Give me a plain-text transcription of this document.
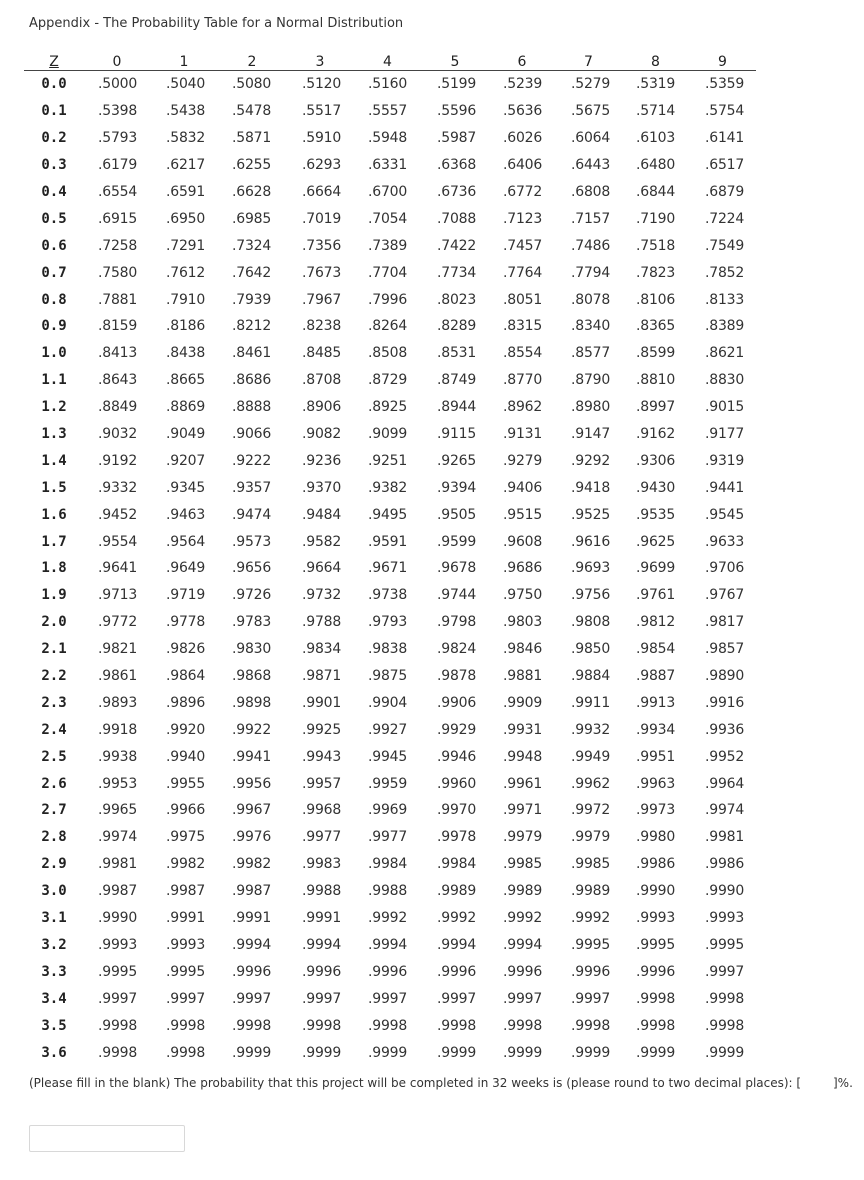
Appendix - The Probability Table for a Normal Distribution
Z	0	1	2	3	4	5	6	7	8	9
0.0	.5000	.5040	.5080	.5120	.5160	.5199	.5239	.5279	.5319	.5359
0.1	.5398	.5438	.5478	.5517	.5557	.5596	.5636	.5675	.5714	.5754
0.2	.5793	.5832	.5871	.5910	.5948	.5987	.6026	.6064	.6103	.6141
0.3	.6179	.6217	.6255	.6293	.6331	.6368	.6406	.6443	.6480	.6517
0.4	.6554	.6591	.6628	.6664	.6700	.6736	.6772	.6808	.6844	.6879
0.5	.6915	.6950	.6985	.7019	.7054	.7088	.7123	.7157	.7190	.7224
0.6	.7258	.7291	.7324	.7356	.7389	.7422	.7457	.7486	.7518	.7549
0.7	.7580	.7612	.7642	.7673	.7704	.7734	.7764	.7794	.7823	.7852
0.8	.7881	.7910	.7939	.7967	.7996	.8023	.8051	.8078	.8106	.8133
0.9	.8159	.8186	.8212	.8238	.8264	.8289	.8315	.8340	.8365	.8389
1.0	.8413	.8438	.8461	.8485	.8508	.8531	.8554	.8577	.8599	.8621
1.1	.8643	.8665	.8686	.8708	.8729	.8749	.8770	.8790	.8810	.8830
1.2	.8849	.8869	.8888	.8906	.8925	.8944	.8962	.8980	.8997	.9015
1.3	.9032	.9049	.9066	.9082	.9099	.9115	.9131	.9147	.9162	.9177
1.4	.9192	.9207	.9222	.9236	.9251	.9265	.9279	.9292	.9306	.9319
1.5	.9332	.9345	.9357	.9370	.9382	.9394	.9406	.9418	.9430	.9441
1.6	.9452	.9463	.9474	.9484	.9495	.9505	.9515	.9525	.9535	.9545
1.7	.9554	.9564	.9573	.9582	.9591	.9599	.9608	.9616	.9625	.9633
1.8	.9641	.9649	.9656	.9664	.9671	.9678	.9686	.9693	.9699	.9706
1.9	.9713	.9719	.9726	.9732	.9738	.9744	.9750	.9756	.9761	.9767
2.0	.9772	.9778	.9783	.9788	.9793	.9798	.9803	.9808	.9812	.9817
2.1	.9821	.9826	.9830	.9834	.9838	.9824	.9846	.9850	.9854	.9857
2.2	.9861	.9864	.9868	.9871	.9875	.9878	.9881	.9884	.9887	.9890
2.3	.9893	.9896	.9898	.9901	.9904	.9906	.9909	.9911	.9913	.9916
2.4	.9918	.9920	.9922	.9925	.9927	.9929	.9931	.9932	.9934	.9936
2.5	.9938	.9940	.9941	.9943	.9945	.9946	.9948	.9949	.9951	.9952
2.6	.9953	.9955	.9956	.9957	.9959	.9960	.9961	.9962	.9963	.9964
2.7	.9965	.9966	.9967	.9968	.9969	.9970	.9971	.9972	.9973	.9974
2.8	.9974	.9975	.9976	.9977	.9977	.9978	.9979	.9979	.9980	.9981
2.9	.9981	.9982	.9982	.9983	.9984	.9984	.9985	.9985	.9986	.9986
3.0	.9987	.9987	.9987	.9988	.9988	.9989	.9989	.9989	.9990	.9990
3.1	.9990	.9991	.9991	.9991	.9992	.9992	.9992	.9992	.9993	.9993
3.2	.9993	.9993	.9994	.9994	.9994	.9994	.9994	.9995	.9995	.9995
3.3	.9995	.9995	.9996	.9996	.9996	.9996	.9996	.9996	.9996	.9997
3.4	.9997	.9997	.9997	.9997	.9997	.9997	.9997	.9997	.9998	.9998
3.5	.9998	.9998	.9998	.9998	.9998	.9998	.9998	.9998	.9998	.9998
3.6	.9998	.9998	.9999	.9999	.9999	.9999	.9999	.9999	.9999	.9999
(Please fill in the blank) The probability that this project will be completed in 32 weeks is (please round to two decimal places): [	]%.
